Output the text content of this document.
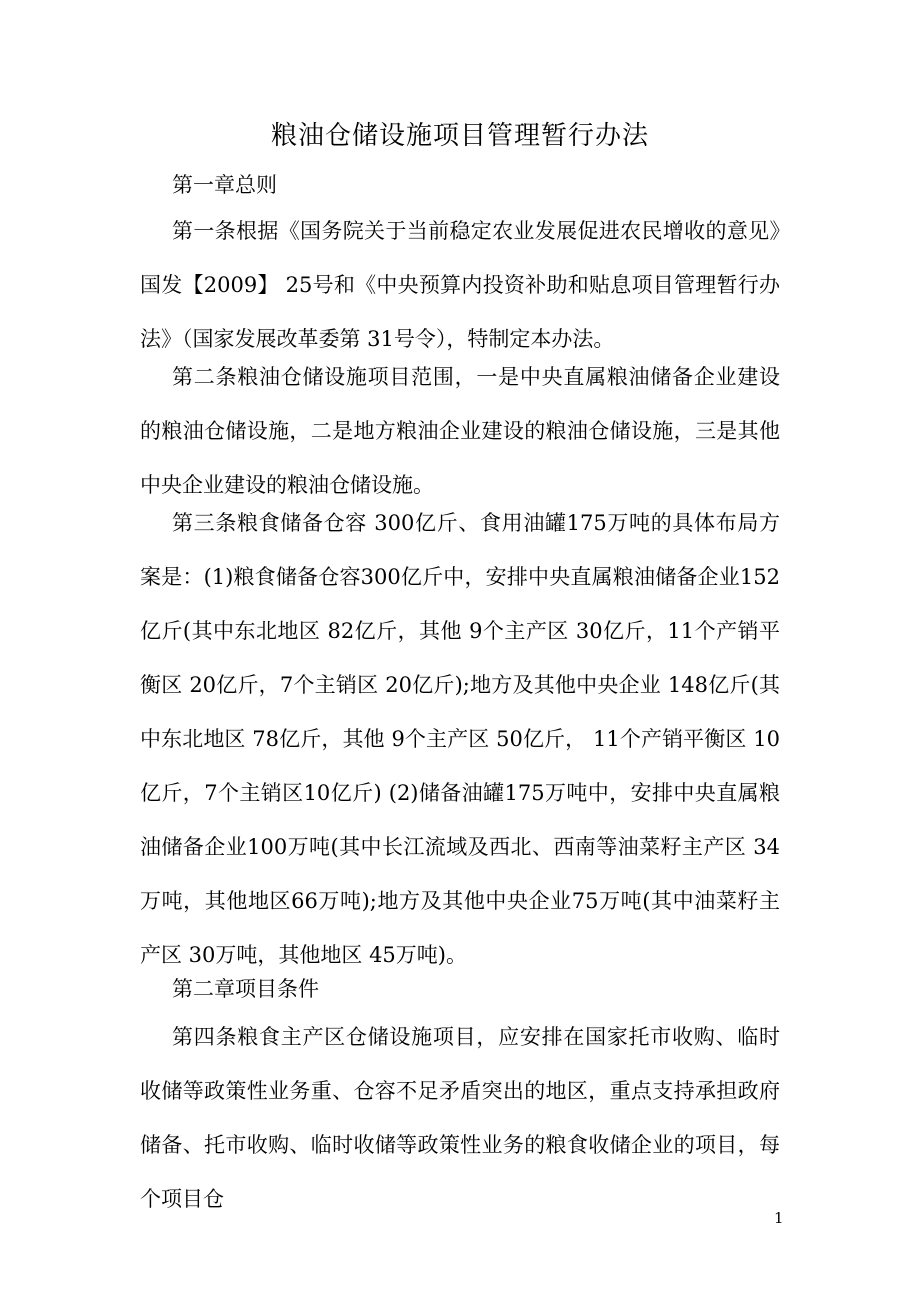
粮油仓储设施项目管理暂行办法

第一章总则

第一条根据《国务院关于当前稳定农业发展促进农民增收的意见》国发【2009】 25号和《中央预算内投资补助和贴息项目管理暂行办法》（国家发展改革委第 31号令），特制定本办法。

第二条粮油仓储设施项目范围，一是中央直属粮油储备企业建设的粮油仓储设施，二是地方粮油企业建设的粮油仓储设施，三是其他中央企业建设的粮油仓储设施。

第三条粮食储备仓容 300亿斤、食用油罐175万吨的具体布局方案是：(1)粮食储备仓容300亿斤中，安排中央直属粮油储备企业152亿斤(其中东北地区 82亿斤，其他 9个主产区 30亿斤，11个产销平衡区 20亿斤，7个主销区 20亿斤);地方及其他中央企业 148亿斤(其中东北地区 78亿斤，其他 9个主产区 50亿斤， 11个产销平衡区 10亿斤，7个主销区10亿斤) (2)储备油罐175万吨中，安排中央直属粮油储备企业100万吨(其中长江流域及西北、西南等油菜籽主产区 34万吨，其他地区66万吨);地方及其他中央企业75万吨(其中油菜籽主产区 30万吨，其他地区 45万吨)。

第二章项目条件

第四条粮食主产区仓储设施项目，应安排在国家托市收购、临时收储等政策性业务重、仓容不足矛盾突出的地区，重点支持承担政府储备、托市收购、临时收储等政策性业务的粮食收储企业的项目，每个项目仓

1
